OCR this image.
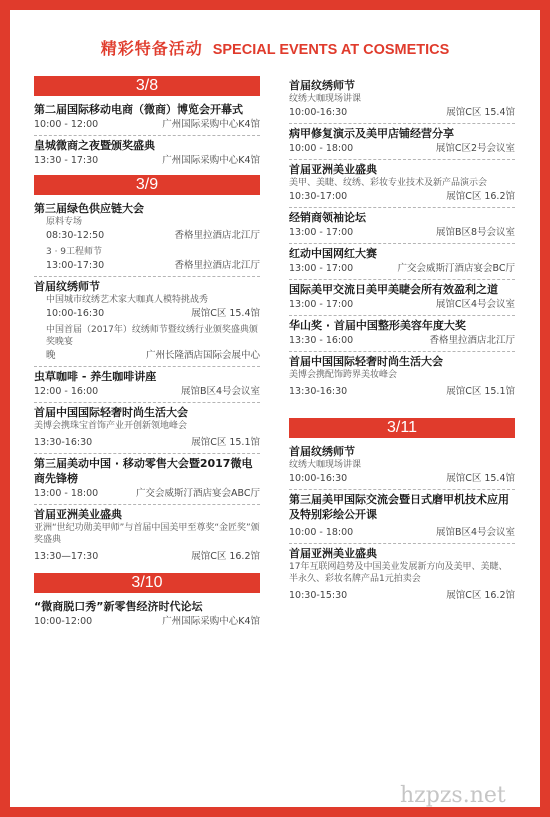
精彩特备活动 SPECIAL EVENTS AT COSMETICS
3/8
第二届国际移动电商（微商）博览会开幕式
10:00 - 12:00	广州国际采购中心K4馆
皇城微商之夜暨颁奖盛典
13:30 - 17:30	广州国际采购中心K4馆
3/9
第三届绿色供应链大会
原料专场
08:30-12:50	香格里拉酒店北江厅
3 · 9工程师节
13:00-17:30	香格里拉酒店北江厅
首届纹绣师节
中国城市纹绣艺术家大咖真人模特挑战秀
10:00-16:30	展馆C区 15.4馆
中国首届（2017年）纹绣师节暨纹绣行业颁奖盛典颁奖晚宴
晚	广州长隆酒店国际会展中心
虫草咖啡 - 养生咖啡讲座
12:00 - 16:00	展馆B区4号会议室
首届中国国际轻奢时尚生活大会
美博会携珠宝首饰产业开创新领地峰会
13:30-16:30	展馆C区 15.1馆
第三届美动中国 · 移动零售大会暨2017微电商先锋榜
13:00 - 18:00	广交会威斯汀酒店宴会ABC厅
首届亚洲美业盛典
亚洲“世纪功勋美甲师”与首届中国美甲至尊奖“金匠奖”颁奖盛典
13:30—17:30	展馆C区 16.2馆
3/10
“微商脱口秀”新零售经济时代论坛
10:00-12:00	广州国际采购中心K4馆
首届纹绣师节
纹绣大咖现场讲课
10:00-16:30	展馆C区 15.4馆
病甲修复演示及美甲店铺经营分享
10:00 - 18:00	展馆C区2号会议室
首届亚洲美业盛典
美甲、美睫、纹绣、彩妆专业技术及新产品演示会
10:30-17:00	展馆C区 16.2馆
经销商领袖论坛
13:00 - 17:00	展馆B区8号会议室
红动中国网红大赛
13:00 - 17:00	广交会威斯汀酒店宴会BC厅
国际美甲交流日美甲美睫会所有效盈利之道
13:00 - 17:00	展馆C区4号会议室
华山奖 · 首届中国整形美容年度大奖
13:30 - 16:00	香格里拉酒店北江厅
首届中国国际轻奢时尚生活大会
美博会携配饰跨界美妆峰会
13:30-16:30	展馆C区 15.1馆
3/11
首届纹绣师节
纹绣大咖现场讲课
10:00-16:30	展馆C区 15.4馆
第三届美甲国际交流会暨日式磨甲机技术应用及特别彩绘公开课
10:00 - 18:00	展馆B区4号会议室
首届亚洲美业盛典
17年互联网趋势及中国美业发展新方向及美甲、美睫、半永久、彩妆名牌产品1元拍卖会
10:30-15:30	展馆C区 16.2馆
hzpzs.net
